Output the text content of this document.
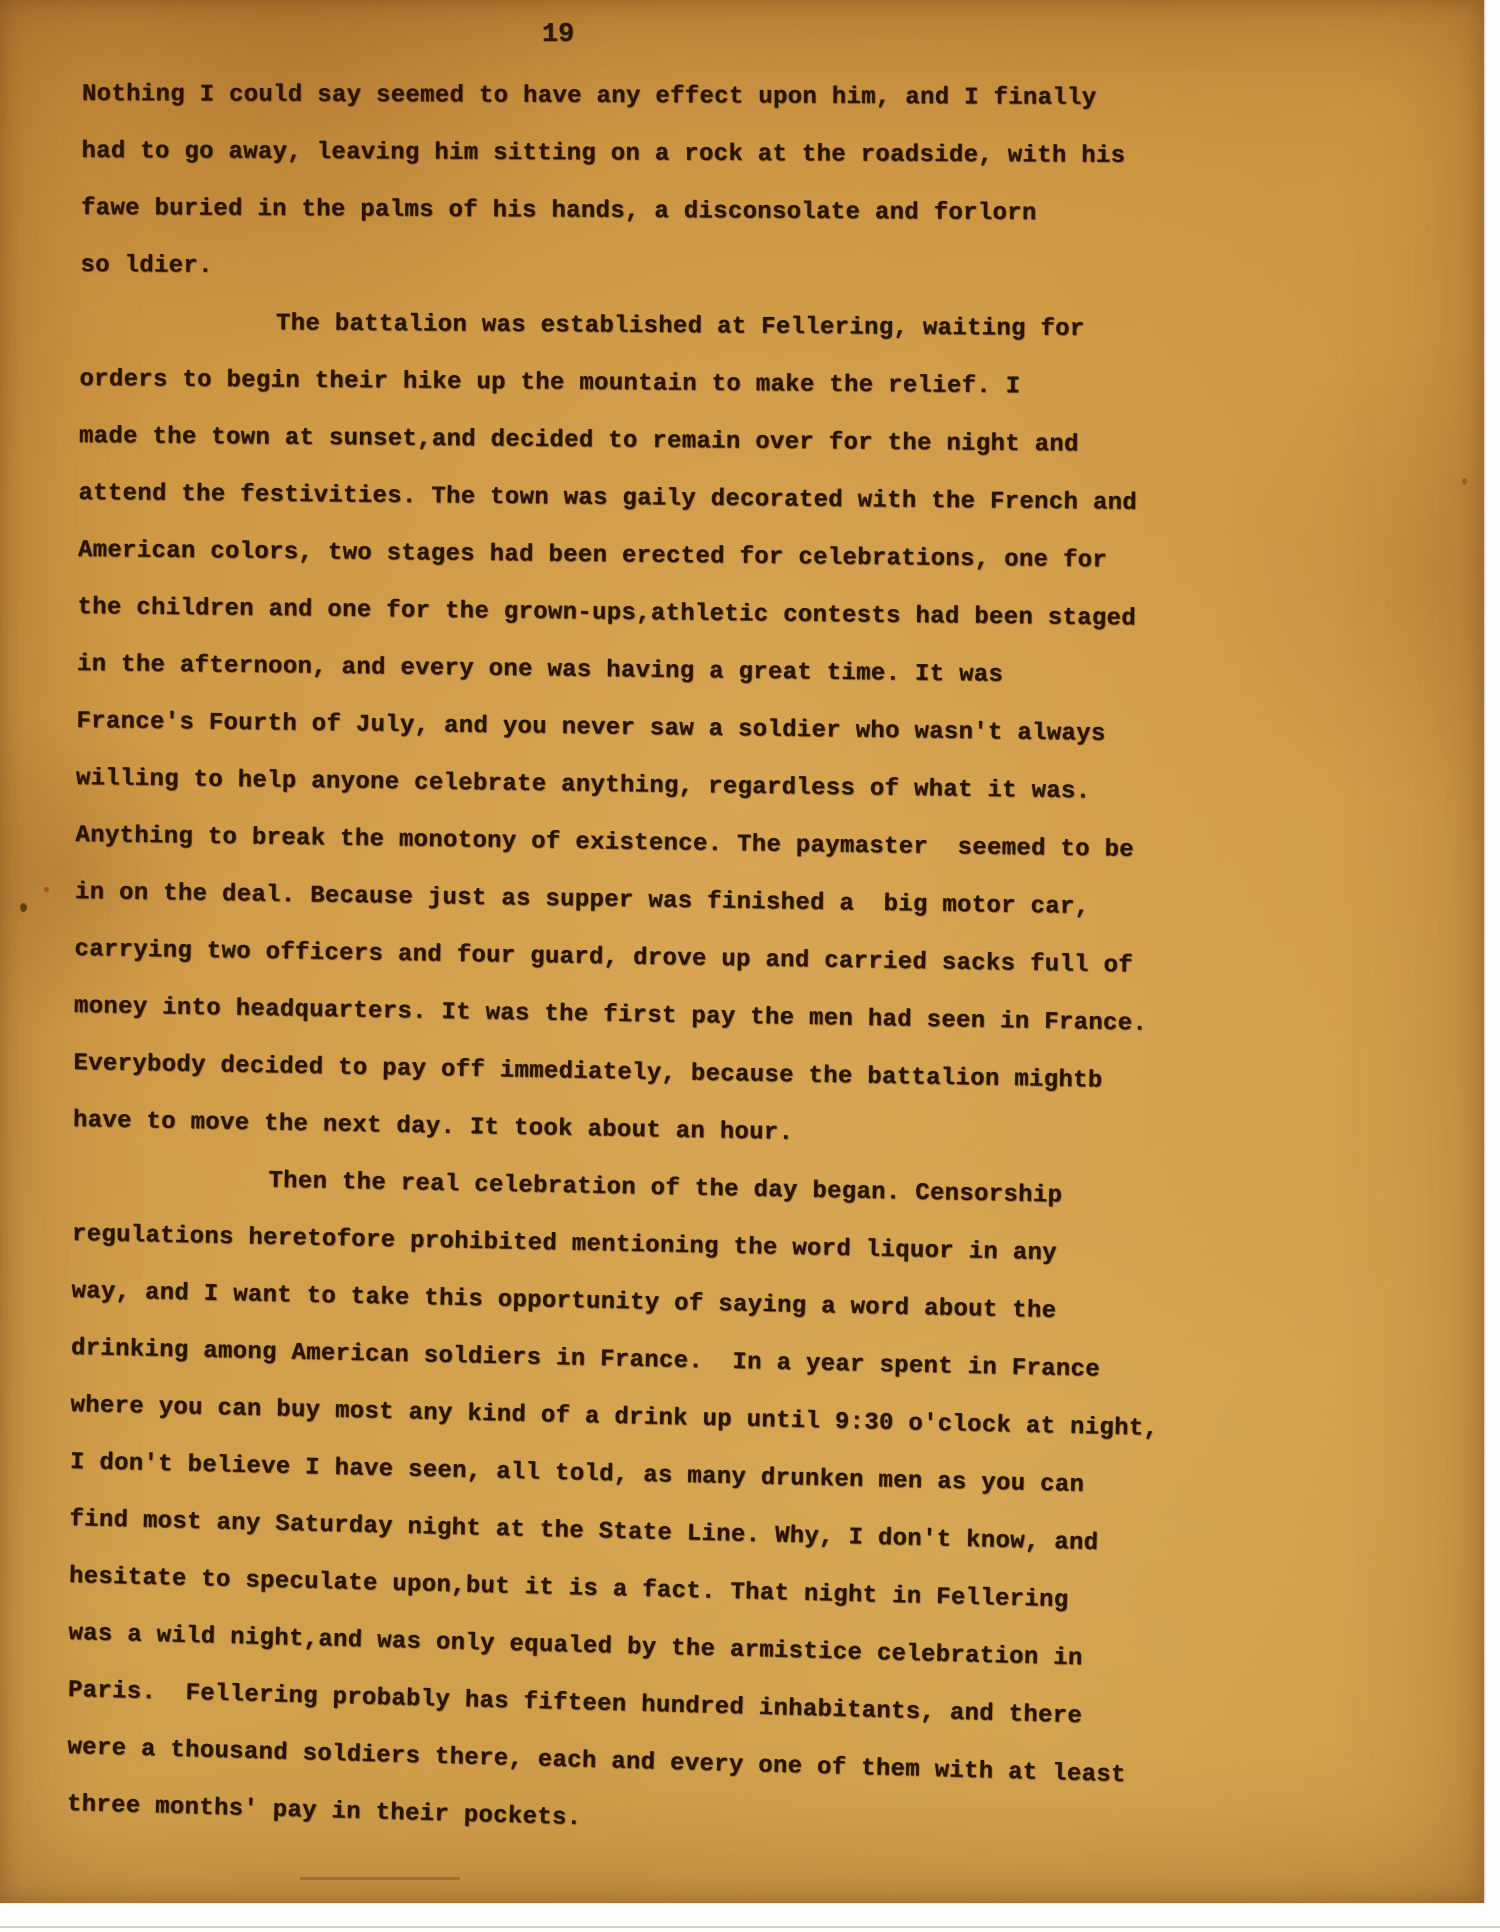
19
Nothing I could say seemed to have any effect upon him, and I finally
had to go away, leaving him sitting on a rock at the roadside, with his
fawe buried in the palms of his hands, a disconsolate and forlorn
so ldier.
The battalion was established at Fellering, waiting for
orders to begin their hike up the mountain to make the relief. I
made the town at sunset,and decided to remain over for the night and
attend the festivities. The town was gaily decorated with the French and
American colors, two stages had been erected for celebrations, one for
the children and one for the grown-ups,athletic contests had been staged
in the afternoon, and every one was having a great time. It was
France's Fourth of July, and you never saw a soldier who wasn't always
willing to help anyone celebrate anything, regardless of what it was.
Anything to break the monotony of existence. The paymaster  seemed to be
in on the deal. Because just as supper was finished a  big motor car,
carrying two officers and four guard, drove up and carried sacks full of
money into headquarters. It was the first pay the men had seen in France.
Everybody decided to pay off immediately, because the battalion mightb
have to move the next day. It took about an hour.
Then the real celebration of the day began. Censorship
regulations heretofore prohibited mentioning the word liquor in any
way, and I want to take this opportunity of saying a word about the
drinking among American soldiers in France.  In a year spent in France
where you can buy most any kind of a drink up until 9:30 o'clock at night,
I don't believe I have seen, all told, as many drunken men as you can
find most any Saturday night at the State Line. Why, I don't know, and
hesitate to speculate upon,but it is a fact. That night in Fellering
was a wild night,and was only equaled by the armistice celebration in
Paris.  Fellering probably has fifteen hundred inhabitants, and there
were a thousand soldiers there, each and every one of them with at least
three months' pay in their pockets.
